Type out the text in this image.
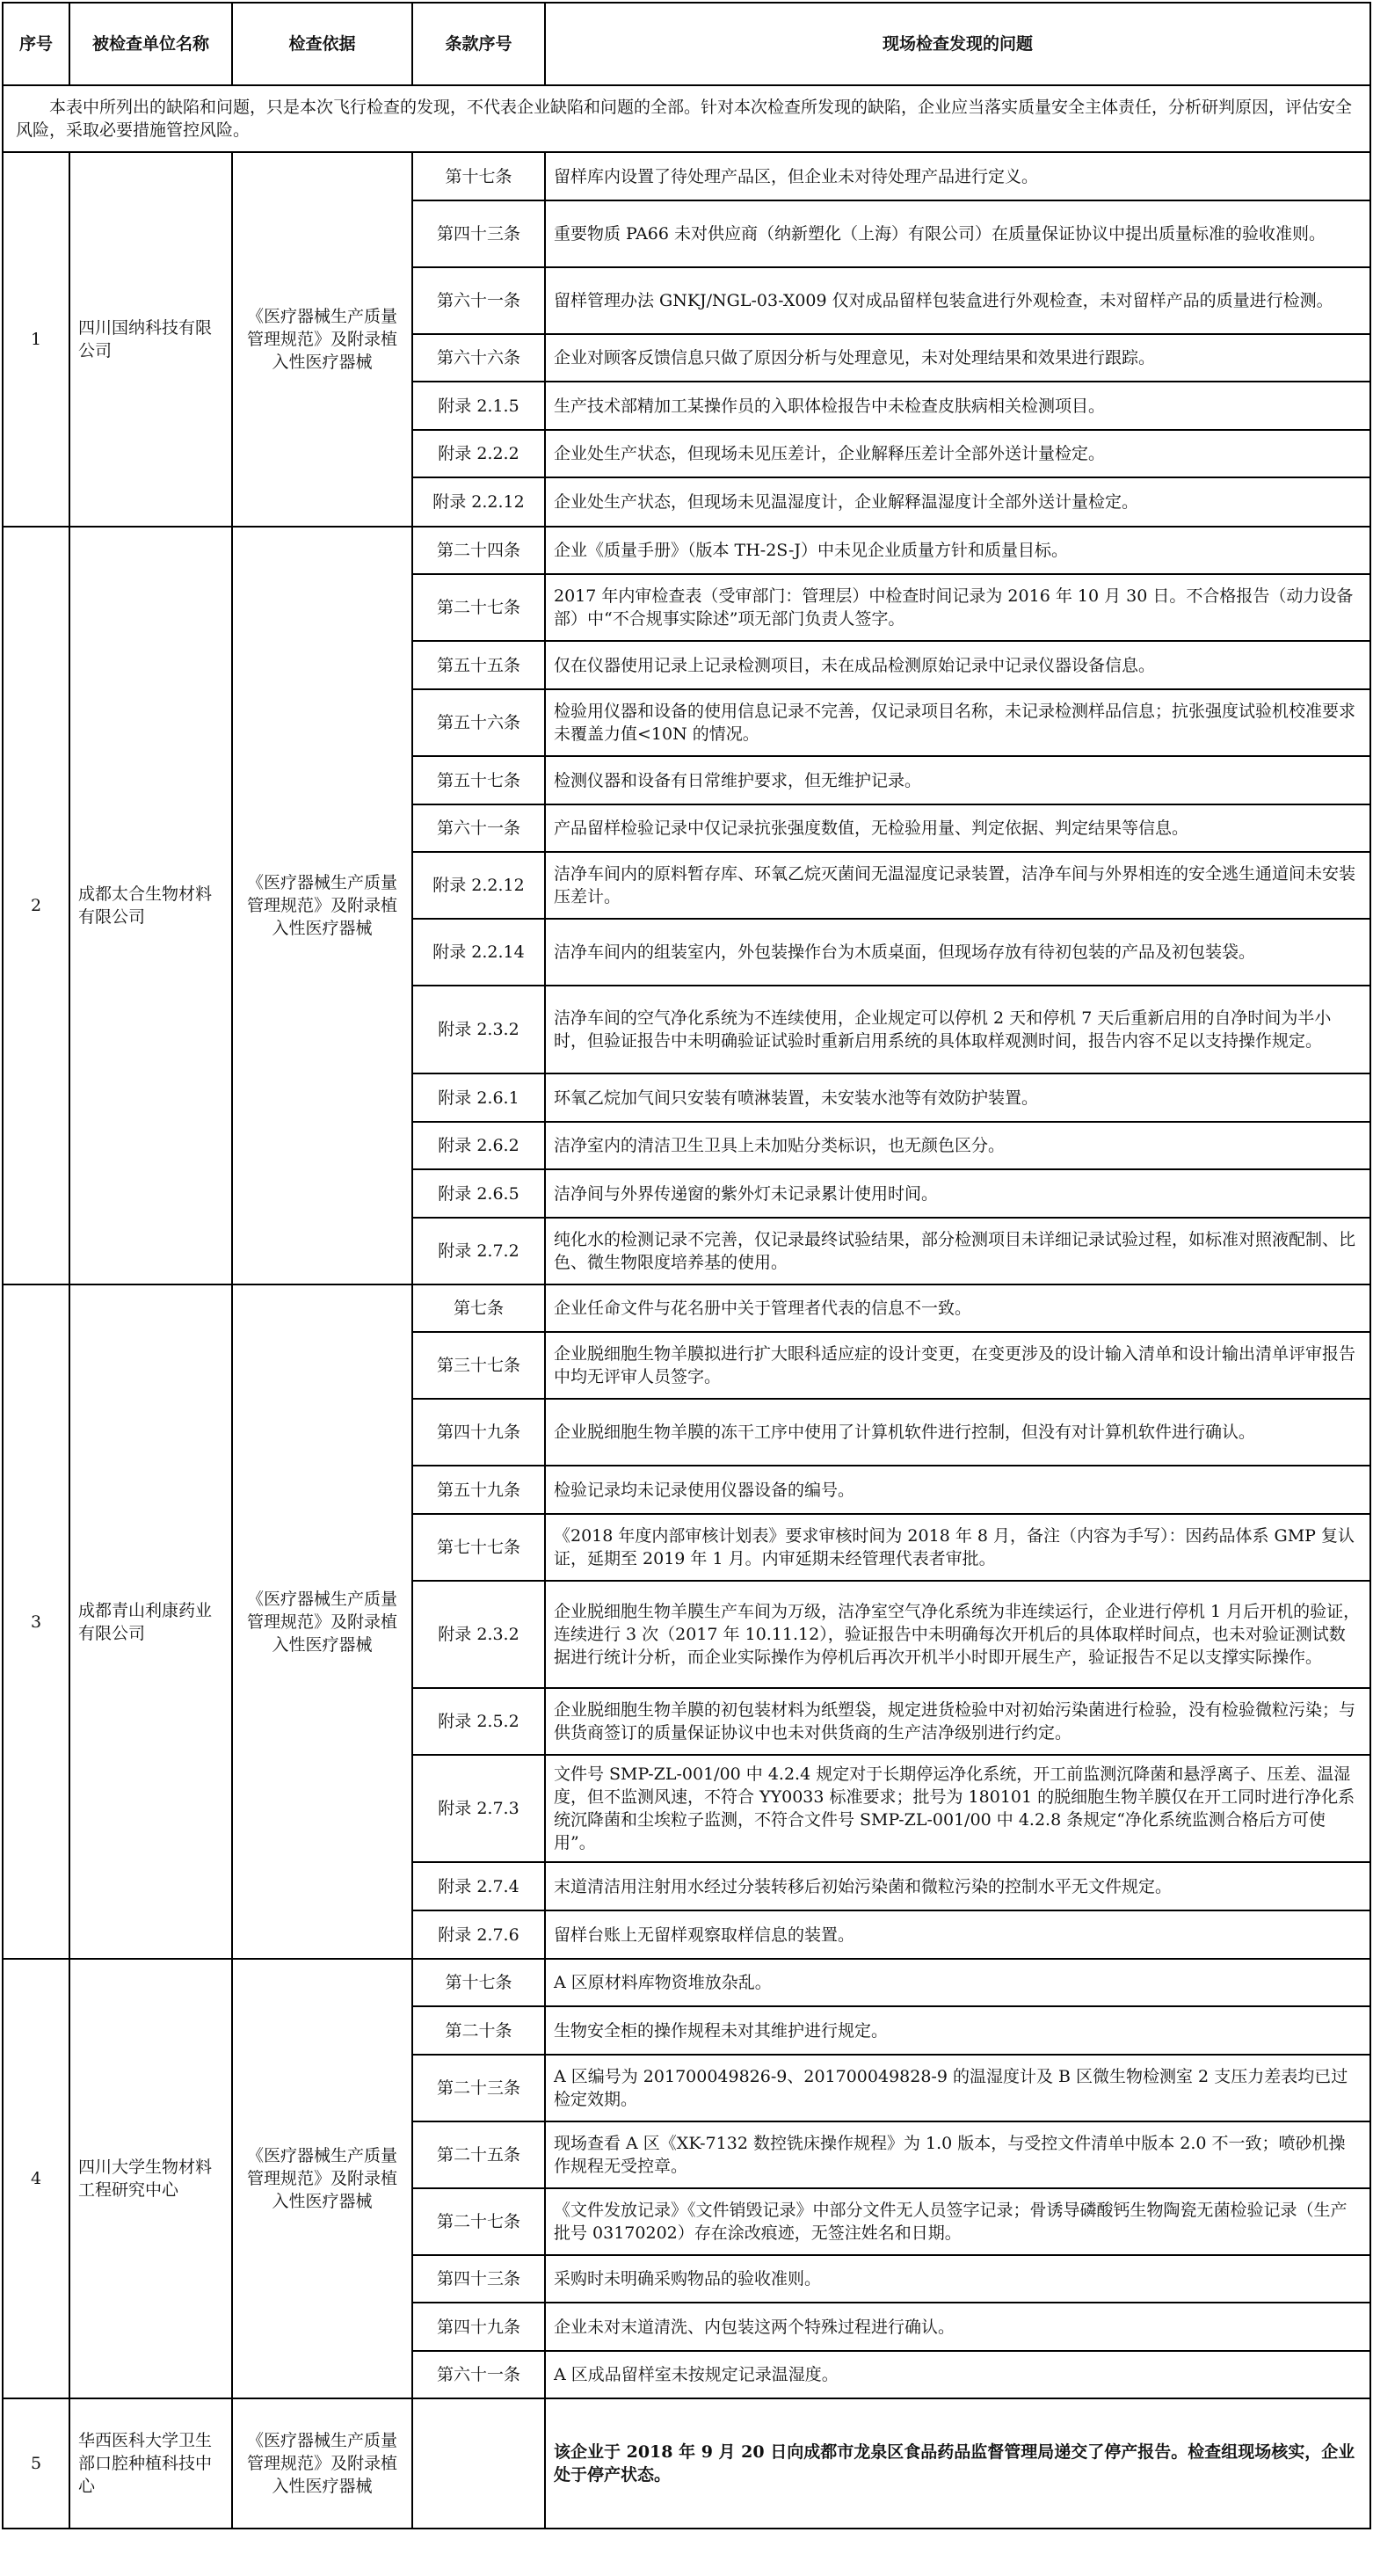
序号	被检查单位名称	检查依据	条款序号	现场检查发现的问题
本表中所列出的缺陷和问题，只是本次飞行检查的发现，不代表企业缺陷和问题的全部。针对本次检查所发现的缺陷，企业应当落实质量安全主体责任，分析研判原因，评估安全风险，采取必要措施管控风险。				
1	四川国纳科技有限公司	《医疗器械生产质量管理规范》及附录植入性医疗器械	第十七条	留样库内设置了待处理产品区，但企业未对待处理产品进行定义。
			第四十三条	重要物质 PA66 未对供应商（纳新塑化（上海）有限公司）在质量保证协议中提出质量标准的验收准则。
			第六十一条	留样管理办法 GNKJ/NGL-03-X009 仅对成品留样包装盒进行外观检查，未对留样产品的质量进行检测。
			第六十六条	企业对顾客反馈信息只做了原因分析与处理意见，未对处理结果和效果进行跟踪。
			附录 2.1.5	生产技术部精加工某操作员的入职体检报告中未检查皮肤病相关检测项目。
			附录 2.2.2	企业处生产状态，但现场未见压差计，企业解释压差计全部外送计量检定。
			附录 2.2.12	企业处生产状态，但现场未见温湿度计，企业解释温湿度计全部外送计量检定。
2	成都太合生物材料有限公司	《医疗器械生产质量管理规范》及附录植入性医疗器械	第二十四条	企业《质量手册》（版本 TH-2S-J）中未见企业质量方针和质量目标。
			第二十七条	2017 年内审检查表（受审部门：管理层）中检查时间记录为 2016 年 10 月 30 日。不合格报告（动力设备部）中“不合规事实除述”项无部门负责人签字。
			第五十五条	仅在仪器使用记录上记录检测项目，未在成品检测原始记录中记录仪器设备信息。
			第五十六条	检验用仪器和设备的使用信息记录不完善，仅记录项目名称，未记录检测样品信息；抗张强度试验机校准要求未覆盖力值<10N 的情况。
			第五十七条	检测仪器和设备有日常维护要求，但无维护记录。
			第六十一条	产品留样检验记录中仅记录抗张强度数值，无检验用量、判定依据、判定结果等信息。
			附录 2.2.12	洁净车间内的原料暂存库、环氧乙烷灭菌间无温湿度记录装置，洁净车间与外界相连的安全逃生通道间未安装压差计。
			附录 2.2.14	洁净车间内的组装室内，外包装操作台为木质桌面，但现场存放有待初包装的产品及初包装袋。
			附录 2.3.2	洁净车间的空气净化系统为不连续使用，企业规定可以停机 2 天和停机 7 天后重新启用的自净时间为半小时，但验证报告中未明确验证试验时重新启用系统的具体取样观测时间，报告内容不足以支持操作规定。
			附录 2.6.1	环氧乙烷加气间只安装有喷淋装置，未安装水池等有效防护装置。
			附录 2.6.2	洁净室内的清洁卫生卫具上未加贴分类标识，也无颜色区分。
			附录 2.6.5	洁净间与外界传递窗的紫外灯未记录累计使用时间。
			附录 2.7.2	纯化水的检测记录不完善，仅记录最终试验结果，部分检测项目未详细记录试验过程，如标准对照液配制、比色、微生物限度培养基的使用。
3	成都青山利康药业有限公司	《医疗器械生产质量管理规范》及附录植入性医疗器械	第七条	企业任命文件与花名册中关于管理者代表的信息不一致。
			第三十七条	企业脱细胞生物羊膜拟进行扩大眼科适应症的设计变更，在变更涉及的设计输入清单和设计输出清单评审报告中均无评审人员签字。
			第四十九条	企业脱细胞生物羊膜的冻干工序中使用了计算机软件进行控制，但没有对计算机软件进行确认。
			第五十九条	检验记录均未记录使用仪器设备的编号。
			第七十七条	《2018 年度内部审核计划表》要求审核时间为 2018 年 8 月，备注（内容为手写）：因药品体系 GMP 复认证，延期至 2019 年 1 月。内审延期未经管理代表者审批。
			附录 2.3.2	企业脱细胞生物羊膜生产车间为万级，洁净室空气净化系统为非连续运行，企业进行停机 1 月后开机的验证，连续进行 3 次（2017 年 10.11.12），验证报告中未明确每次开机后的具体取样时间点，也未对验证测试数据进行统计分析，而企业实际操作为停机后再次开机半小时即开展生产，验证报告不足以支撑实际操作。
			附录 2.5.2	企业脱细胞生物羊膜的初包装材料为纸塑袋，规定进货检验中对初始污染菌进行检验，没有检验微粒污染；与供货商签订的质量保证协议中也未对供货商的生产洁净级别进行约定。
			附录 2.7.3	文件号 SMP-ZL-001/00 中 4.2.4 规定对于长期停运净化系统，开工前监测沉降菌和悬浮离子、压差、温湿度，但不监测风速，不符合 YY0033 标准要求；批号为 180101 的脱细胞生物羊膜仅在开工同时进行净化系统沉降菌和尘埃粒子监测，不符合文件号 SMP-ZL-001/00 中 4.2.8 条规定“净化系统监测合格后方可使用”。
			附录 2.7.4	末道清洁用注射用水经过分装转移后初始污染菌和微粒污染的控制水平无文件规定。
			附录 2.7.6	留样台账上无留样观察取样信息的装置。
4	四川大学生物材料工程研究中心	《医疗器械生产质量管理规范》及附录植入性医疗器械	第十七条	A 区原材料库物资堆放杂乱。
			第二十条	生物安全柜的操作规程未对其维护进行规定。
			第二十三条	A 区编号为 201700049826-9、201700049828-9 的温湿度计及 B 区微生物检测室 2 支压力差表均已过检定效期。
			第二十五条	现场查看 A 区《XK-7132 数控铣床操作规程》为 1.0 版本，与受控文件清单中版本 2.0 不一致；喷砂机操作规程无受控章。
			第二十七条	《文件发放记录》《文件销毁记录》中部分文件无人员签字记录；骨诱导磷酸钙生物陶瓷无菌检验记录（生产批号 03170202）存在涂改痕迹，无签注姓名和日期。
			第四十三条	采购时未明确采购物品的验收准则。
			第四十九条	企业未对末道清洗、内包装这两个特殊过程进行确认。
			第六十一条	A 区成品留样室未按规定记录温湿度。
5	华西医科大学卫生部口腔种植科技中心	《医疗器械生产质量管理规范》及附录植入性医疗器械		该企业于 2018 年 9 月 20 日向成都市龙泉区食品药品监督管理局递交了停产报告。检查组现场核实，企业处于停产状态。
